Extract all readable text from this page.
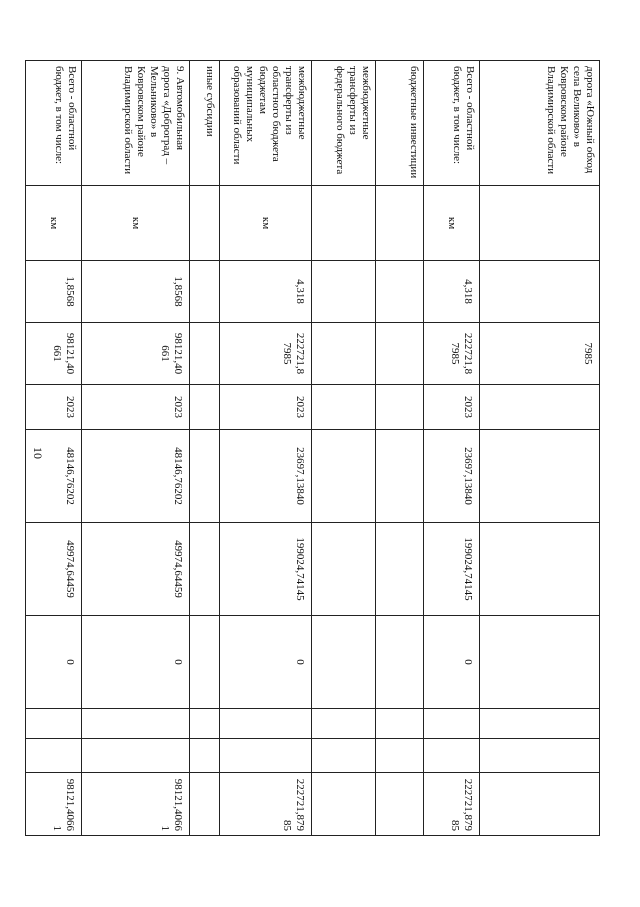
10
дорога «Южный обход села Великово» в Ковровском районе Владимирской области			7985							
Всего - областной бюджет, в том числе:	км	4,318	222721,8 7985	2023	23697,13840	199024,74145	0			222721,87985
бюджетные инвестиции										
межбюджетные трансферты из федерального бюджета										
межбюджетные трансферты из областного бюджета бюджетам муниципальных образований области	км	4,318	222721,8 7985	2023	23697,13840	199024,74145	0			222721,87985
иные субсидии										
9. Автомобильная дорога «Доброград – Мельниково» в Ковровском районе Владимирской области	км	1,8568	98121,40 661	2023	48146,76202	49974,64459	0			98121,40661
Всего - областной бюджет, в том числе:	км	1,8568	98121,40 661	2023	48146,76202	49974,64459	0			98121,40661
